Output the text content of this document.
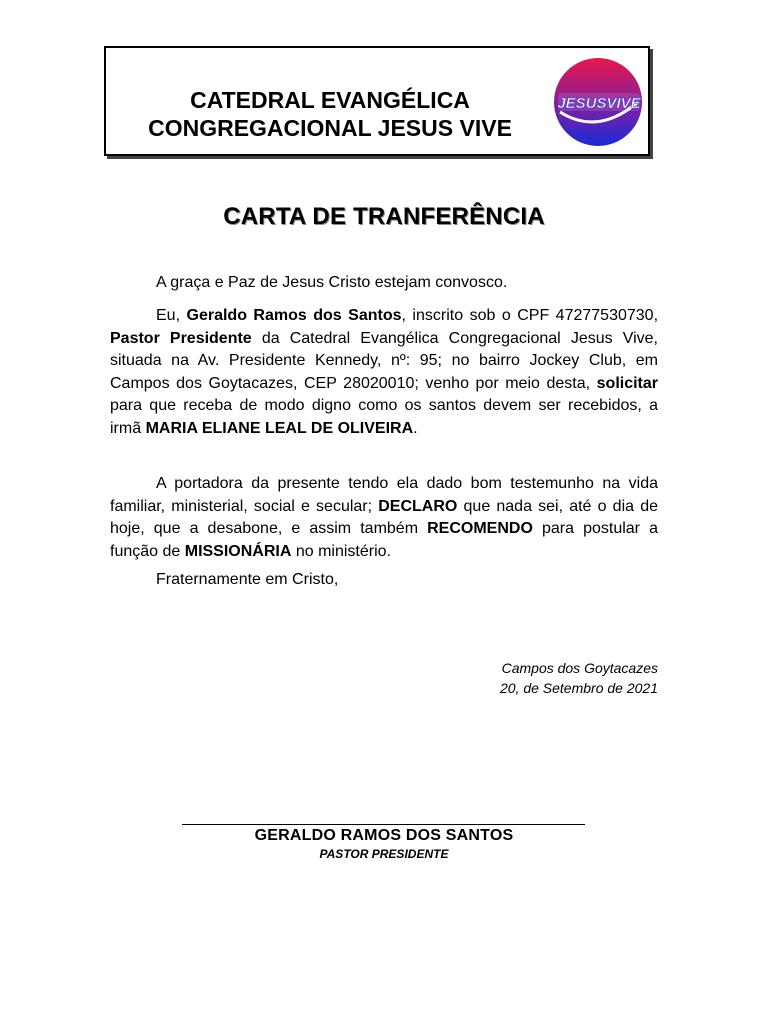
CATEDRAL EVANGÉLICA
CONGREGACIONAL JESUS VIVE
JESUSVIVE
CARTA DE TRANFERÊNCIA

A graça e Paz de Jesus Cristo estejam convosco.

Eu, Geraldo Ramos dos Santos, inscrito sob o CPF 47277530730, Pastor Presidente da Catedral Evangélica Congregacional Jesus Vive, situada na Av. Presidente Kennedy, nº: 95; no bairro Jockey Club, em Campos dos Goytacazes, CEP 28020010; venho por meio desta, solicitar para que receba de modo digno como os santos devem ser recebidos, a irmã MARIA ELIANE LEAL DE OLIVEIRA.

A portadora da presente tendo ela dado bom testemunho na vida familiar, ministerial, social e secular; DECLARO que nada sei, até o dia de hoje, que a desabone, e assim também RECOMENDO para postular a função de MISSIONÁRIA no ministério.

Fraternamente em Cristo,

Campos dos Goytacazes
20, de Setembro de 2021
GERALDO RAMOS DOS SANTOS
PASTOR PRESIDENTE
